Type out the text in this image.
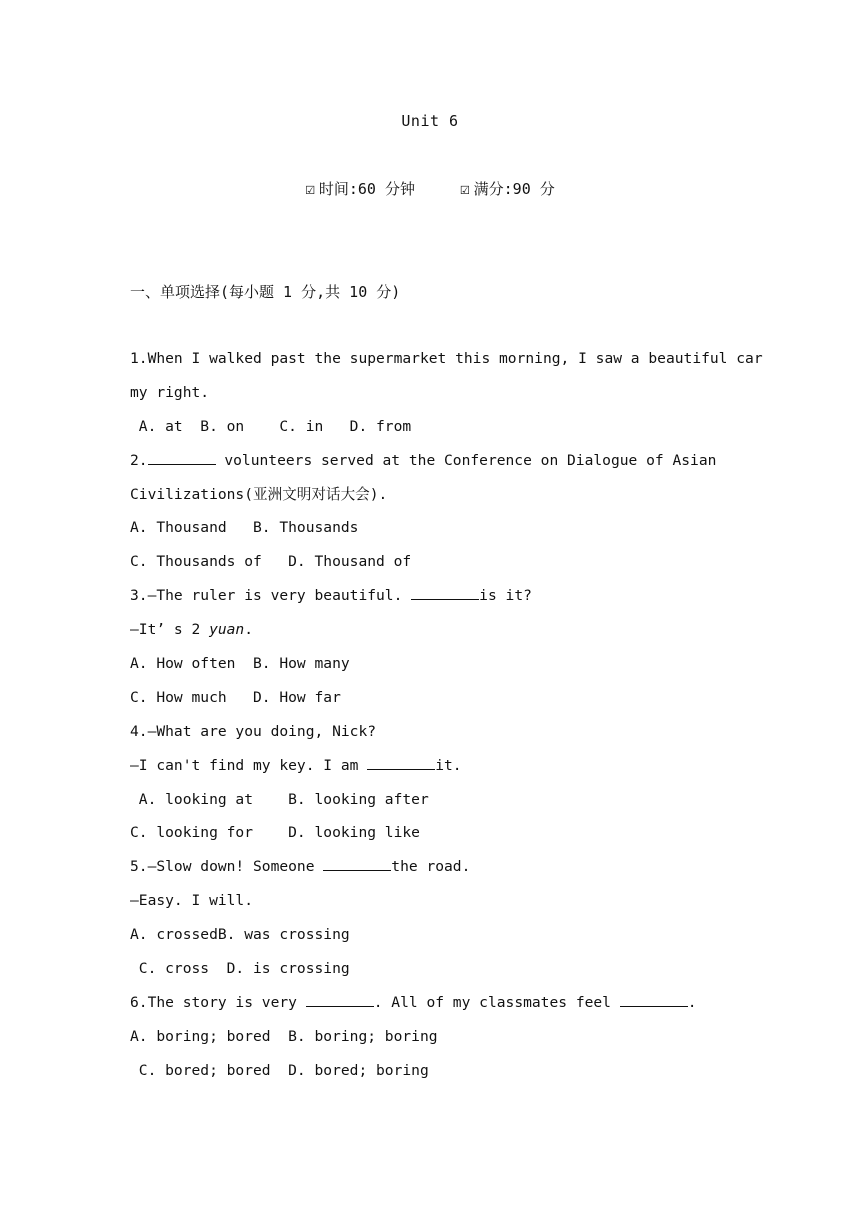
Unit 6
☑ 时间:60 分钟	☑ 满分:90 分
一、单项选择(每小题 1 分,共 10 分)
1.When I walked past the supermarket this morning, I saw a beautiful car
my right.
A. at  B. on    C. in   D. from
2.	volunteers served at the Conference on Dialogue of Asian
Civilizations(亚洲文明对话大会).
A. Thousand   B. Thousands
C. Thousands of   D. Thousand of
3.—The ruler is very beautiful.	is it?
—It’ s 2 yuan.
A. How often  B. How many
C. How much   D. How far
4.—What are you doing, Nick?
—I can't find my key. I am	it.
A. looking at    B. looking after
C. looking for    D. looking like
5.—Slow down! Someone	the road.
—Easy. I will.
A. crossedB. was crossing
C. cross  D. is crossing
6.The story is very	. All of my classmates feel	.
A. boring; bored  B. boring; boring
C. bored; bored  D. bored; boring
